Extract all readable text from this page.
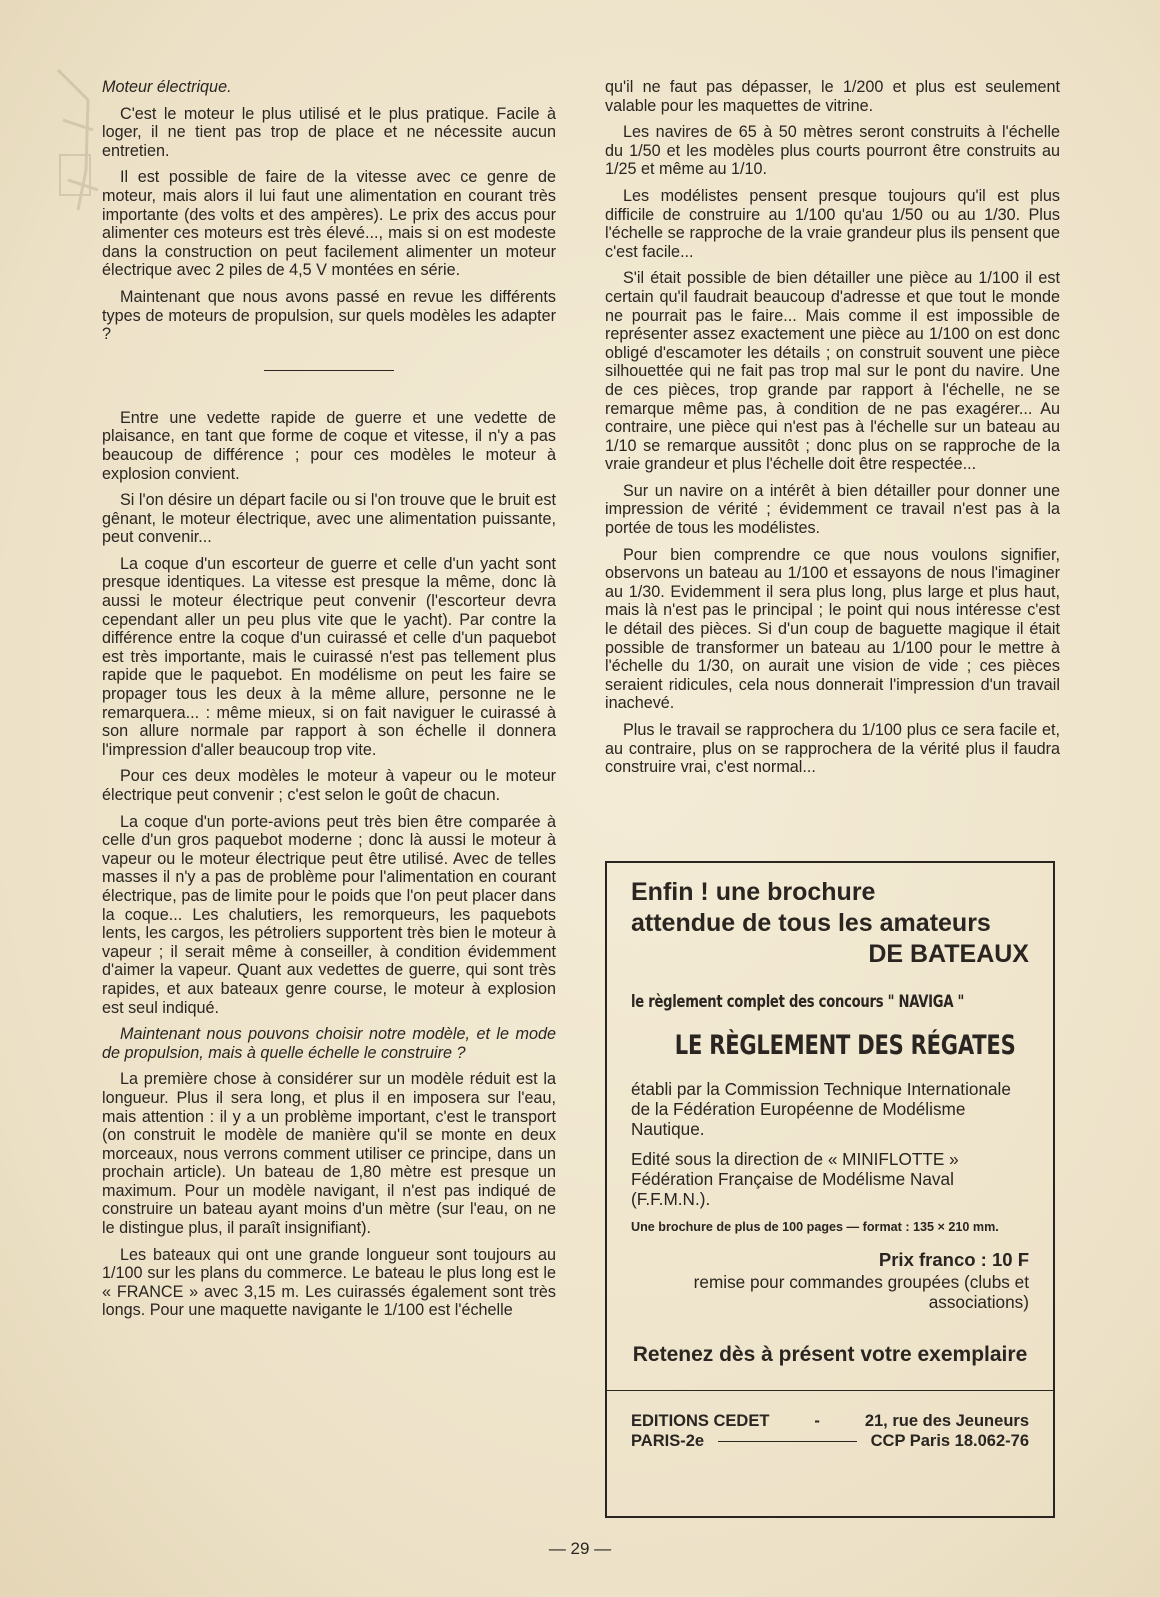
Moteur électrique.

C'est le moteur le plus utilisé et le plus pratique. Facile à loger, il ne tient pas trop de place et ne nécessite aucun entretien.

Il est possible de faire de la vitesse avec ce genre de moteur, mais alors il lui faut une alimentation en courant très importante (des volts et des ampères). Le prix des accus pour alimenter ces moteurs est très élevé..., mais si on est modeste dans la construction on peut facilement alimenter un moteur électrique avec 2 piles de 4,5 V montées en série.

Maintenant que nous avons passé en revue les différents types de moteurs de propulsion, sur quels modèles les adapter ?

Entre une vedette rapide de guerre et une vedette de plaisance, en tant que forme de coque et vitesse, il n'y a pas beaucoup de différence ; pour ces modèles le moteur à explosion convient.

Si l'on désire un départ facile ou si l'on trouve que le bruit est gênant, le moteur électrique, avec une alimentation puissante, peut convenir...

La coque d'un escorteur de guerre et celle d'un yacht sont presque identiques. La vitesse est presque la même, donc là aussi le moteur électrique peut convenir (l'escorteur devra cependant aller un peu plus vite que le yacht). Par contre la différence entre la coque d'un cuirassé et celle d'un paquebot est très importante, mais le cuirassé n'est pas tellement plus rapide que le paquebot. En modélisme on peut les faire se propager tous les deux à la même allure, personne ne le remarquera... : même mieux, si on fait naviguer le cuirassé à son allure normale par rapport à son échelle il donnera l'impression d'aller beaucoup trop vite.

Pour ces deux modèles le moteur à vapeur ou le moteur électrique peut convenir ; c'est selon le goût de chacun.

La coque d'un porte-avions peut très bien être comparée à celle d'un gros paquebot moderne ; donc là aussi le moteur à vapeur ou le moteur électrique peut être utilisé. Avec de telles masses il n'y a pas de problème pour l'alimentation en courant électrique, pas de limite pour le poids que l'on peut placer dans la coque... Les chalutiers, les remorqueurs, les paquebots lents, les cargos, les pétroliers supportent très bien le moteur à vapeur ; il serait même à conseiller, à condition évidemment d'aimer la vapeur. Quant aux vedettes de guerre, qui sont très rapides, et aux bateaux genre course, le moteur à explosion est seul indiqué.

Maintenant nous pouvons choisir notre modèle, et le mode de propulsion, mais à quelle échelle le construire ?

La première chose à considérer sur un modèle réduit est la longueur. Plus il sera long, et plus il en imposera sur l'eau, mais attention : il y a un problème important, c'est le transport (on construit le modèle de manière qu'il se monte en deux morceaux, nous verrons comment utiliser ce principe, dans un prochain article). Un bateau de 1,80 mètre est presque un maximum. Pour un modèle navigant, il n'est pas indiqué de construire un bateau ayant moins d'un mètre (sur l'eau, on ne le distingue plus, il paraît insignifiant).

Les bateaux qui ont une grande longueur sont toujours au 1/100 sur les plans du commerce. Le bateau le plus long est le « FRANCE » avec 3,15 m. Les cuirassés également sont très longs. Pour une maquette navigante le 1/100 est l'échelle

qu'il ne faut pas dépasser, le 1/200 et plus est seulement valable pour les maquettes de vitrine.

Les navires de 65 à 50 mètres seront construits à l'échelle du 1/50 et les modèles plus courts pourront être construits au 1/25 et même au 1/10.

Les modélistes pensent presque toujours qu'il est plus difficile de construire au 1/100 qu'au 1/50 ou au 1/30. Plus l'échelle se rapproche de la vraie grandeur plus ils pensent que c'est facile...

S'il était possible de bien détailler une pièce au 1/100 il est certain qu'il faudrait beaucoup d'adresse et que tout le monde ne pourrait pas le faire... Mais comme il est impossible de représenter assez exactement une pièce au 1/100 on est donc obligé d'escamoter les détails ; on construit souvent une pièce silhouettée qui ne fait pas trop mal sur le pont du navire. Une de ces pièces, trop grande par rapport à l'échelle, ne se remarque même pas, à condition de ne pas exagérer... Au contraire, une pièce qui n'est pas à l'échelle sur un bateau au 1/10 se remarque aussitôt ; donc plus on se rapproche de la vraie grandeur et plus l'échelle doit être respectée...

Sur un navire on a intérêt à bien détailler pour donner une impression de vérité ; évidemment ce travail n'est pas à la portée de tous les modélistes.

Pour bien comprendre ce que nous voulons signifier, observons un bateau au 1/100 et essayons de nous l'imaginer au 1/30. Evidemment il sera plus long, plus large et plus haut, mais là n'est pas le principal ; le point qui nous intéresse c'est le détail des pièces. Si d'un coup de baguette magique il était possible de transformer un bateau au 1/100 pour le mettre à l'échelle du 1/30, on aurait une vision de vide ; ces pièces seraient ridicules, cela nous donnerait l'impression d'un travail inachevé.

Plus le travail se rapprochera du 1/100 plus ce sera facile et, au contraire, plus on se rapprochera de la vérité plus il faudra construire vrai, c'est normal...

Enfin ! une brochure
attendue de tous les amateurs
DE BATEAUX
le règlement complet des concours " NAVIGA "
LE RÈGLEMENT DES RÉGATES
établi par la Commission Technique Internationale de la Fédération Européenne de Modélisme Nautique.
Edité sous la direction de « MINIFLOTTE » Fédération Française de Modélisme Naval (F.F.M.N.).
Une brochure de plus de 100 pages — format : 135 × 210 mm.
Prix franco : 10 F
remise pour commandes groupées (clubs et associations)
Retenez dès à présent votre exemplaire
EDITIONS CEDET - 21, rue des Jeuneurs
PARIS-2e	CCP Paris 18.062-76
— 29 —
